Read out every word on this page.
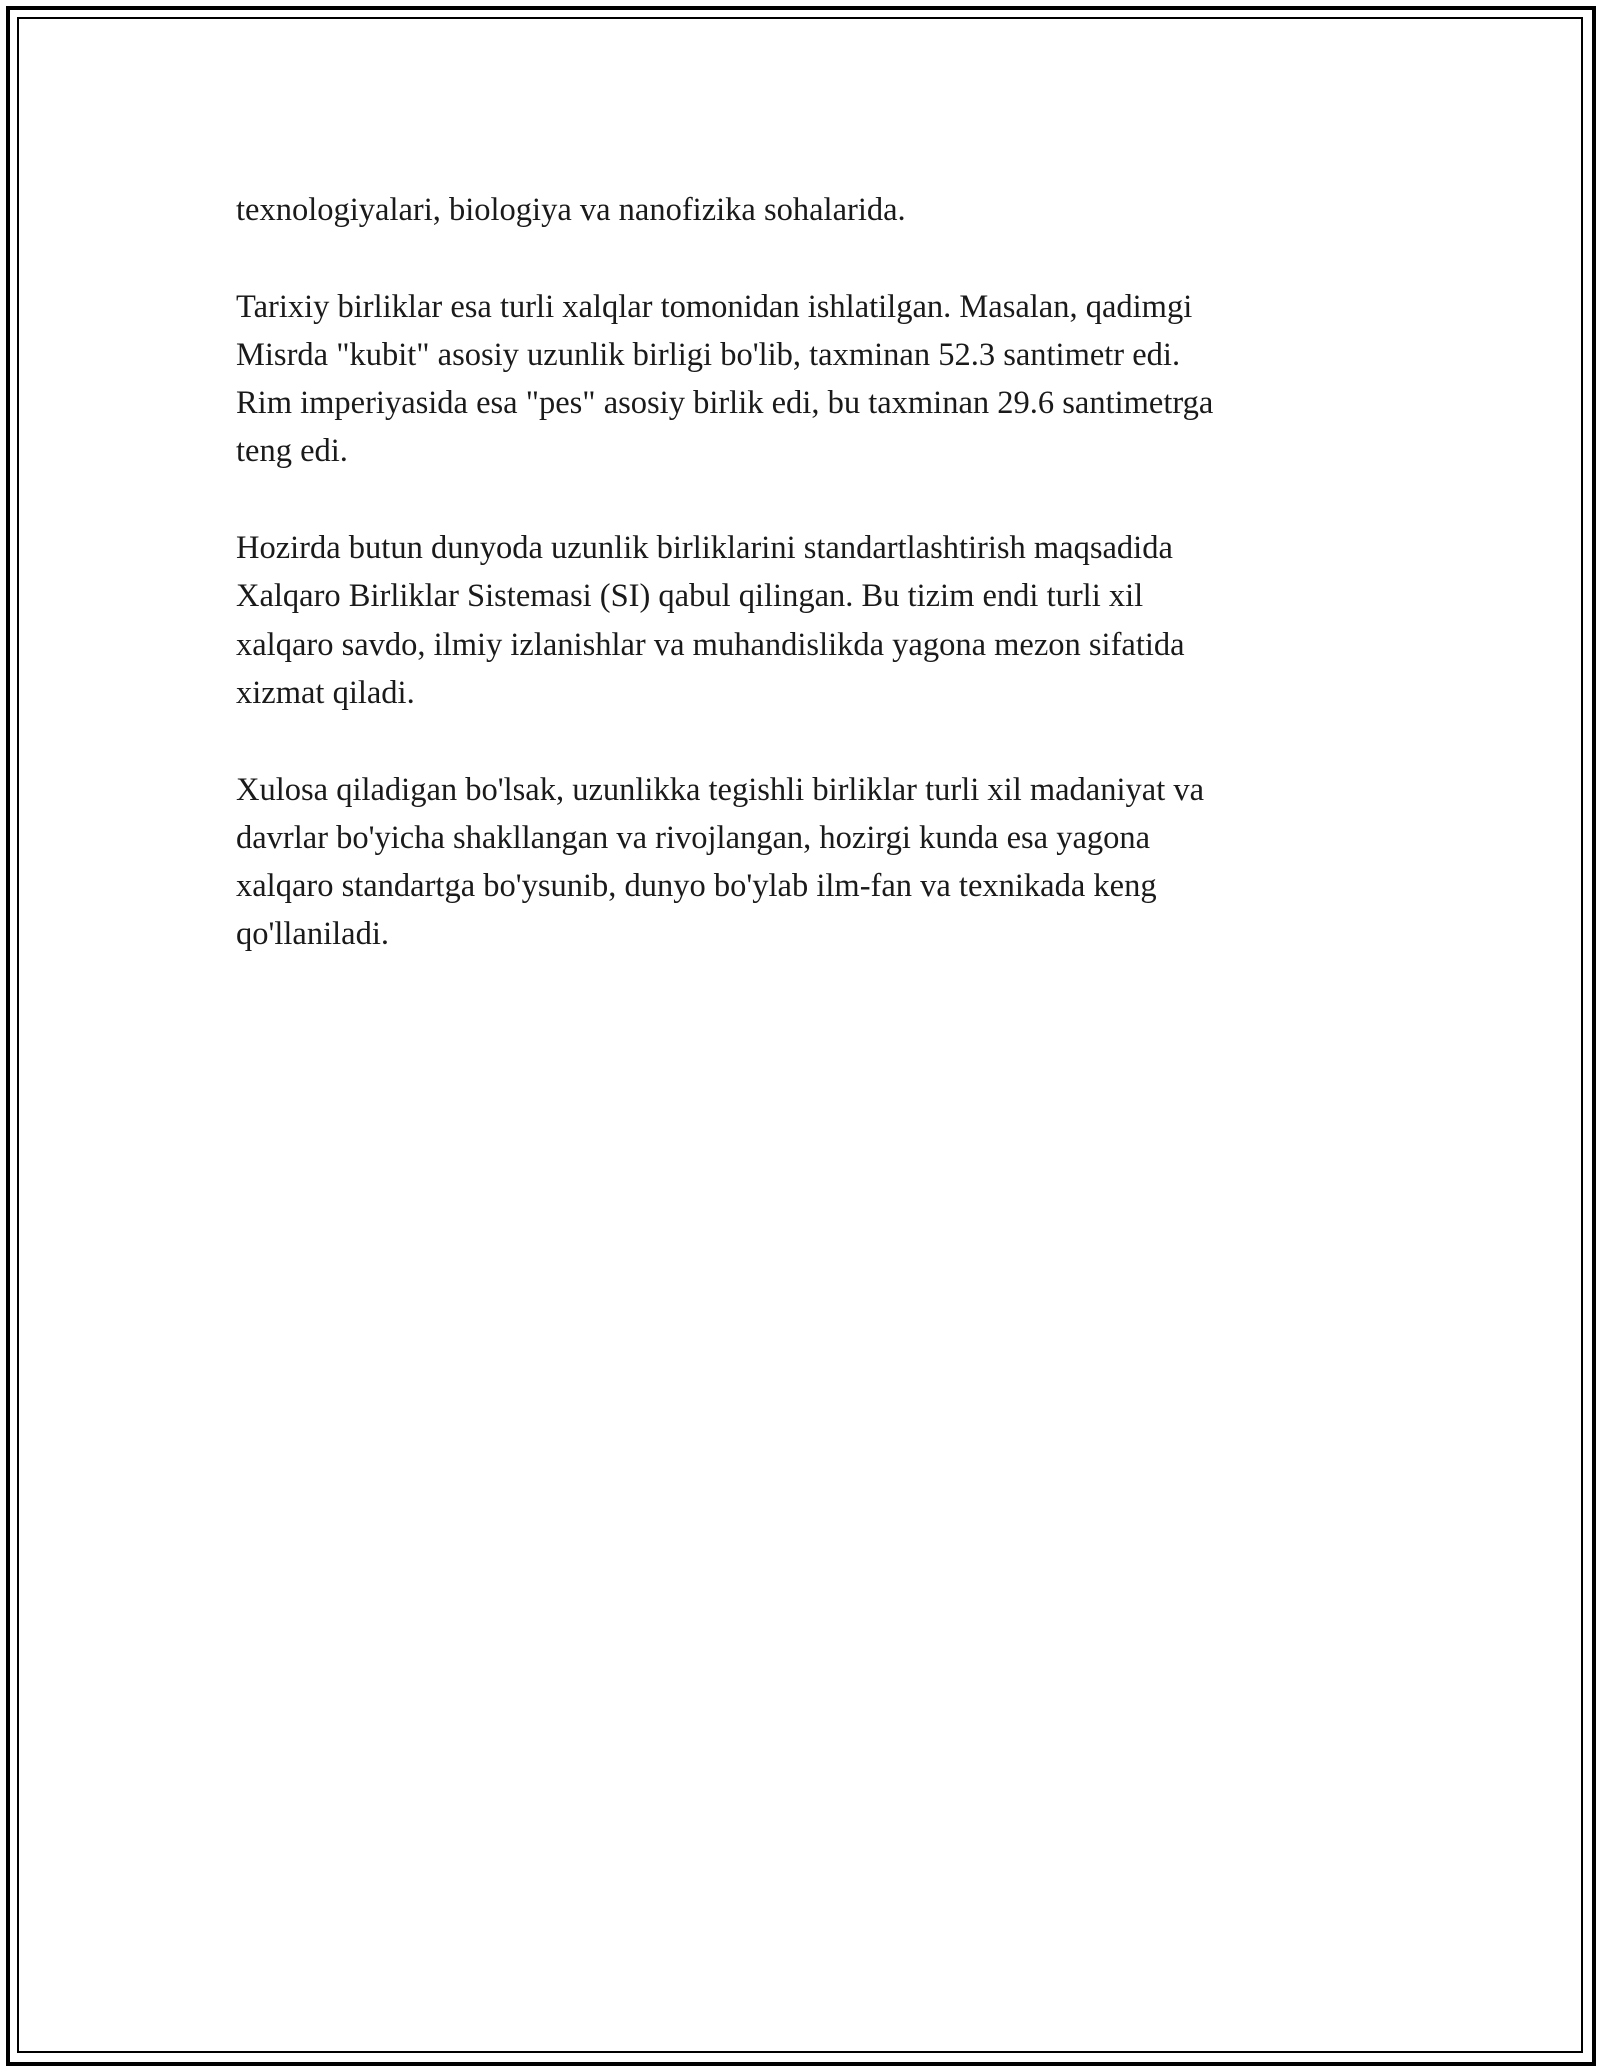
texnologiyalari, biologiya va nanofizika sohalarida.

Tarixiy birliklar esa turli xalqlar tomonidan ishlatilgan. Masalan, qadimgi
Misrda "kubit" asosiy uzunlik birligi bo'lib, taxminan 52.3 santimetr edi.
Rim imperiyasida esa "pes" asosiy birlik edi, bu taxminan 29.6 santimetrga
teng edi.

Hozirda butun dunyoda uzunlik birliklarini standartlashtirish maqsadida
Xalqaro Birliklar Sistemasi (SI) qabul qilingan. Bu tizim endi turli xil
xalqaro savdo, ilmiy izlanishlar va muhandislikda yagona mezon sifatida
xizmat qiladi.

Xulosa qiladigan bo'lsak, uzunlikka tegishli birliklar turli xil madaniyat va
davrlar bo'yicha shakllangan va rivojlangan, hozirgi kunda esa yagona
xalqaro standartga bo'ysunib, dunyo bo'ylab ilm-fan va texnikada keng
qo'llaniladi.
